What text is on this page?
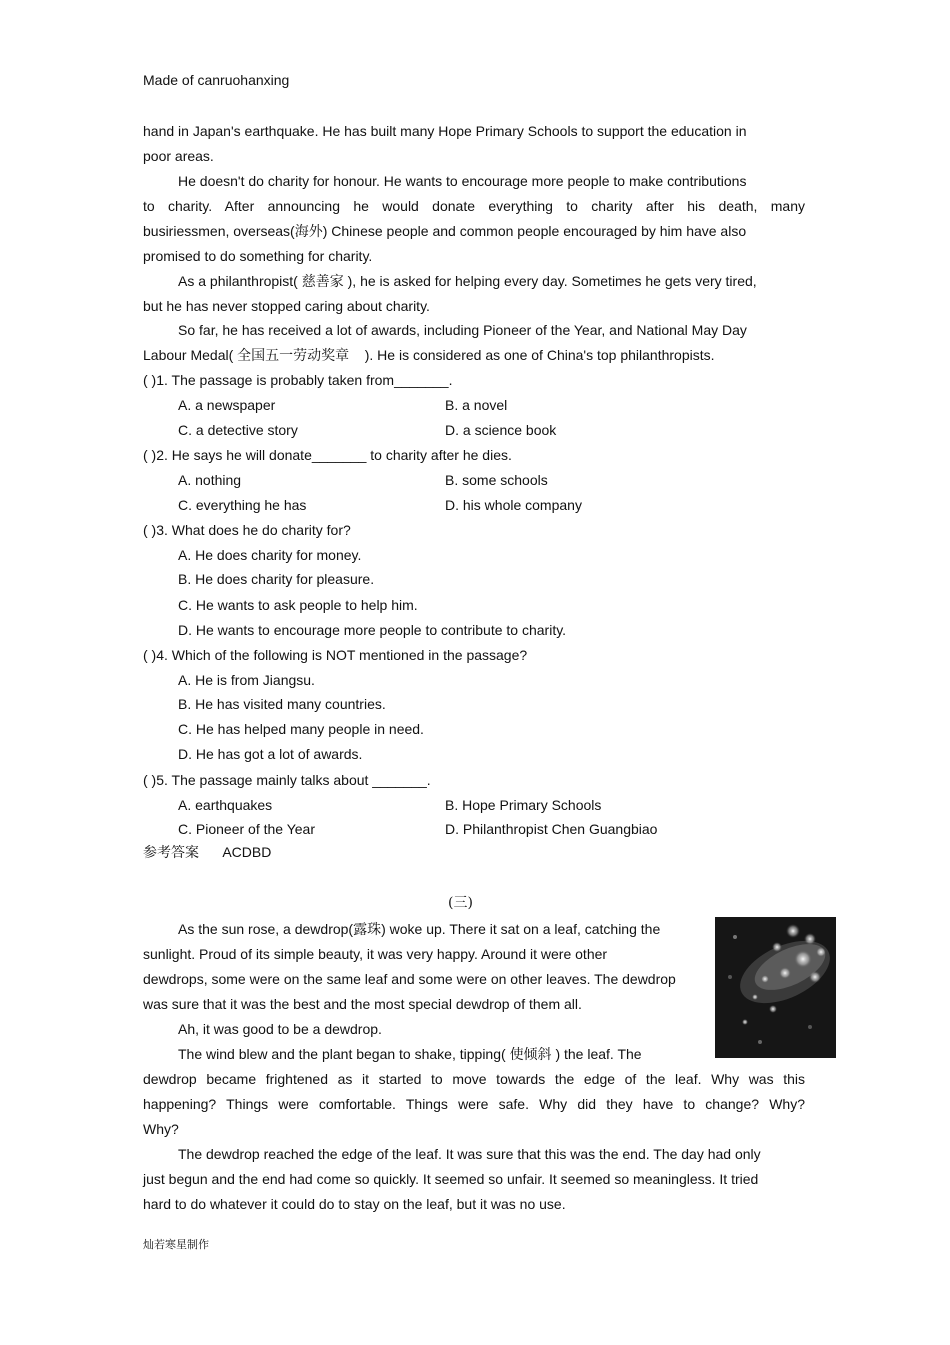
Made of canruohanxing
hand in Japan's earthquake. He has built many Hope Primary Schools to support the education in
poor areas.
He doesn't do charity for honour. He wants to encourage more people to make contributions
to charity. After announcing he would donate everything to charity after his death, many
busiriessmen, overseas(海外) Chinese people and common people encouraged by him have also
promised to do something for charity.
As a philanthropist( 慈善家 ), he is asked for helping every day. Sometimes he gets very tired,
but he has never stopped caring about charity.
So far, he has received a lot of awards, including Pioneer of the Year, and National May Day
Labour Medal( 全国五一劳动奖章 ). He is considered as one of China's top philanthropists.
( )1. The passage is probably taken from_______.
A. a newspaper	B. a novel
C. a detective story	D. a science book
( )2. He says he will donate_______ to charity after he dies.
A. nothing	B. some schools
C. everything he has	D. his whole company
( )3. What does he do charity for?
A. He does charity for money.
B. He does charity for pleasure.
C. He wants to ask people to help him.
D. He wants to encourage more people to contribute to charity.
( )4. Which of the following is NOT mentioned in the passage?
A. He is from Jiangsu.
B. He has visited many countries.
C. He has helped many people in need.
D. He has got a lot of awards.
( )5. The passage mainly talks about _______.
A. earthquakes	B. Hope Primary Schools
C. Pioneer of the Year	D. Philanthropist Chen Guangbiao
参考答案 ACDBD
(三)
As the sun rose, a dewdrop(露珠) woke up. There it sat on a leaf, catching the
sunlight. Proud of its simple beauty, it was very happy. Around it were other
dewdrops, some were on the same leaf and some were on other leaves. The dewdrop
was sure that it was the best and the most special dewdrop of them all.
Ah, it was good to be a dewdrop.
The wind blew and the plant began to shake, tipping( 使倾斜 ) the leaf. The
dewdrop became frightened as it started to move towards the edge of the leaf. Why was this
happening? Things were comfortable. Things were safe. Why did they have to change? Why?
Why?
The dewdrop reached the edge of the leaf. It was sure that this was the end. The day had only
just begun and the end had come so quickly. It seemed so unfair. It seemed so meaningless. It tried
hard to do whatever it could do to stay on the leaf, but it was no use.
灿若寒星制作
